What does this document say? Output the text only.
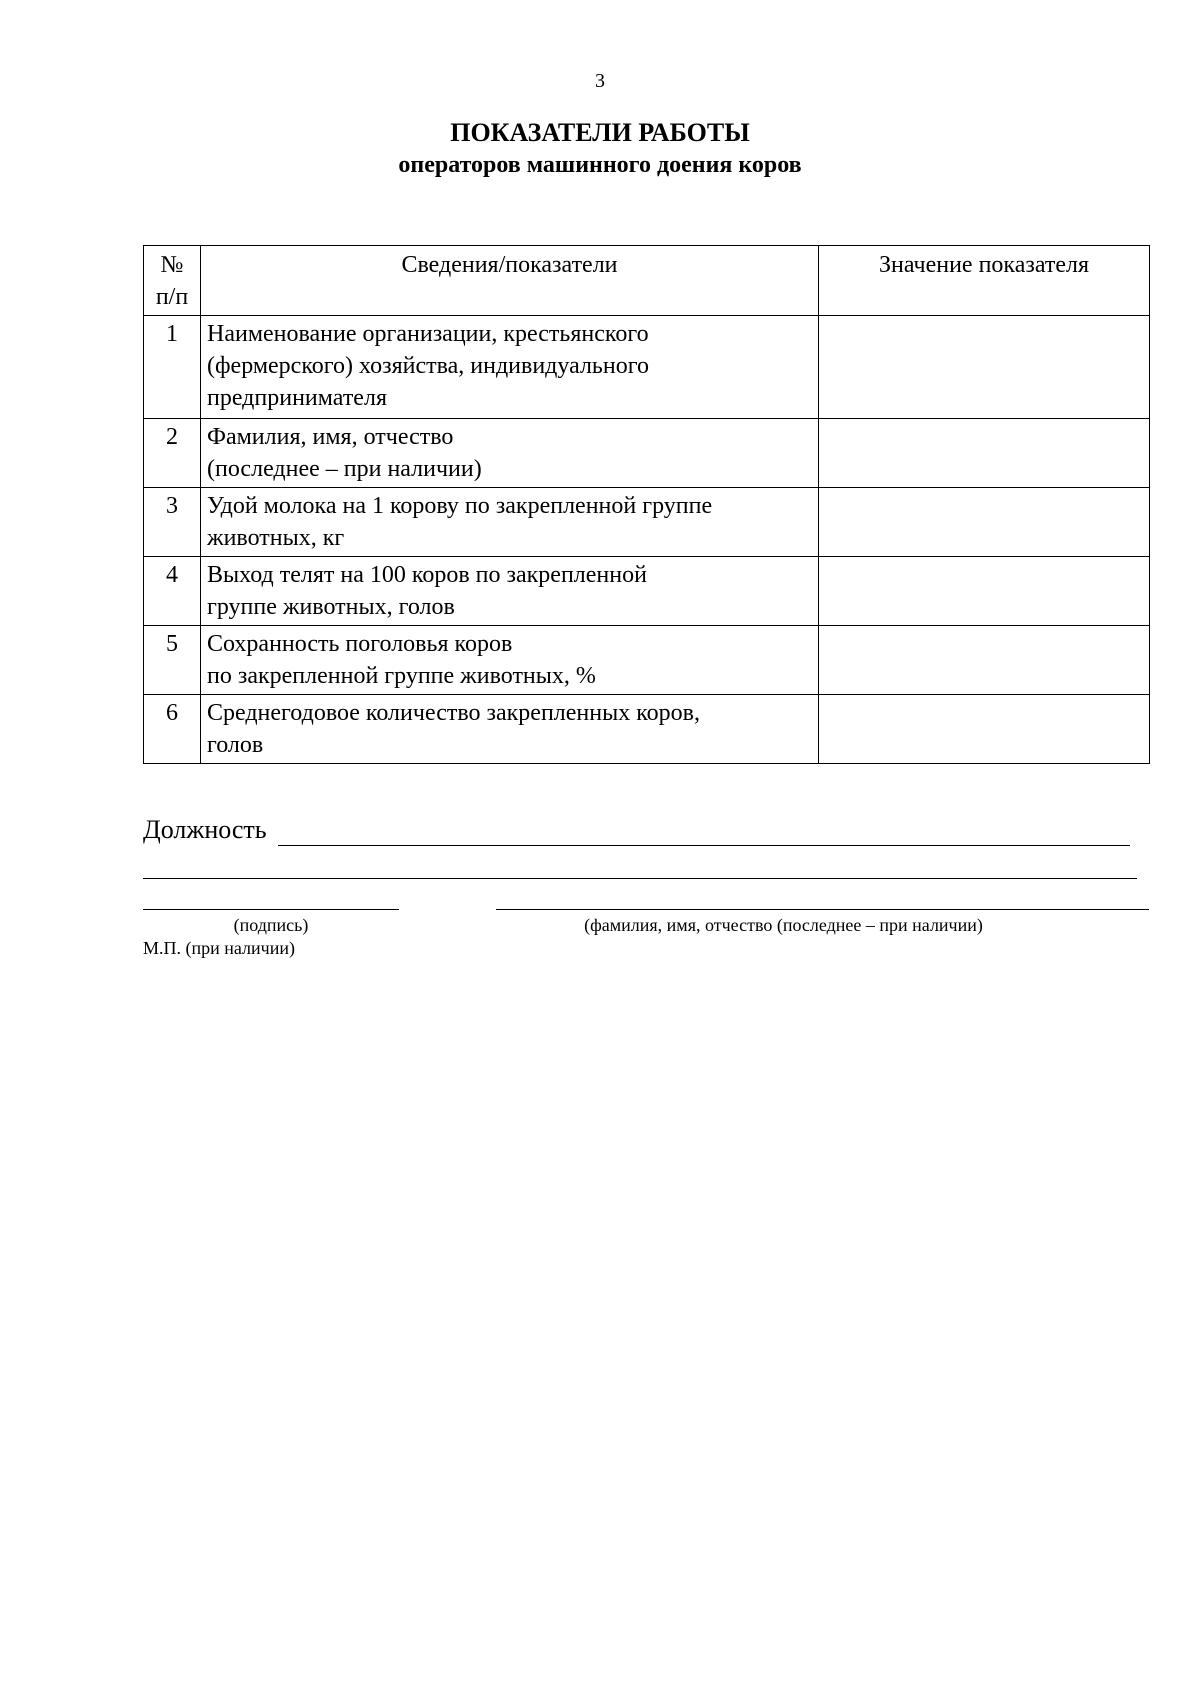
3
ПОКАЗАТЕЛИ РАБОТЫ
операторов машинного доения коров
№
п/п	Сведения/показатели	Значение показателя
1	Наименование организации, крестьянского
(фермерского) хозяйства, индивидуального
предпринимателя	

2	Фамилия, имя, отчество
(последнее – при наличии)	

3	Удой молока на 1 корову по закрепленной группе
животных, кг	

4	Выход телят на 100 коров по закрепленной
группе животных, голов	

5	Сохранность поголовья коров
по закрепленной группе животных, %	

6	Среднегодовое количество закрепленных коров,
голов	

Должность
(подпись)	(фамилия, имя, отчество (последнее – при наличии)
М.П. (при наличии)
